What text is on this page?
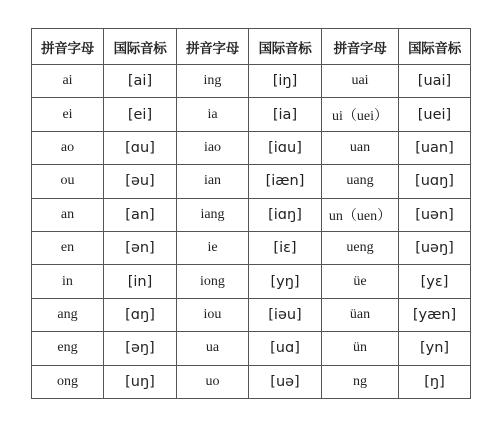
拼音字母	国际音标	拼音字母	国际音标	拼音字母	国际音标
ai	[ai]	ing	[iŋ]	uai	[uai]
ei	[ei]	ia	[ia]	ui（uei）	[uei]
ao	[ɑu]	iao	[iɑu]	uan	[uan]
ou	[əu]	ian	[iæn]	uang	[uɑŋ]
an	[an]	iang	[iɑŋ]	un（uen）	[uən]
en	[ən]	ie	[iɛ]	ueng	[uəŋ]
in	[in]	iong	[yŋ]	üe	[yɛ]
ang	[ɑŋ]	iou	[iəu]	üan	[yæn]
eng	[əŋ]	ua	[uɑ]	ün	[yn]
ong	[uŋ]	uo	[uə]	ng	[ŋ]
